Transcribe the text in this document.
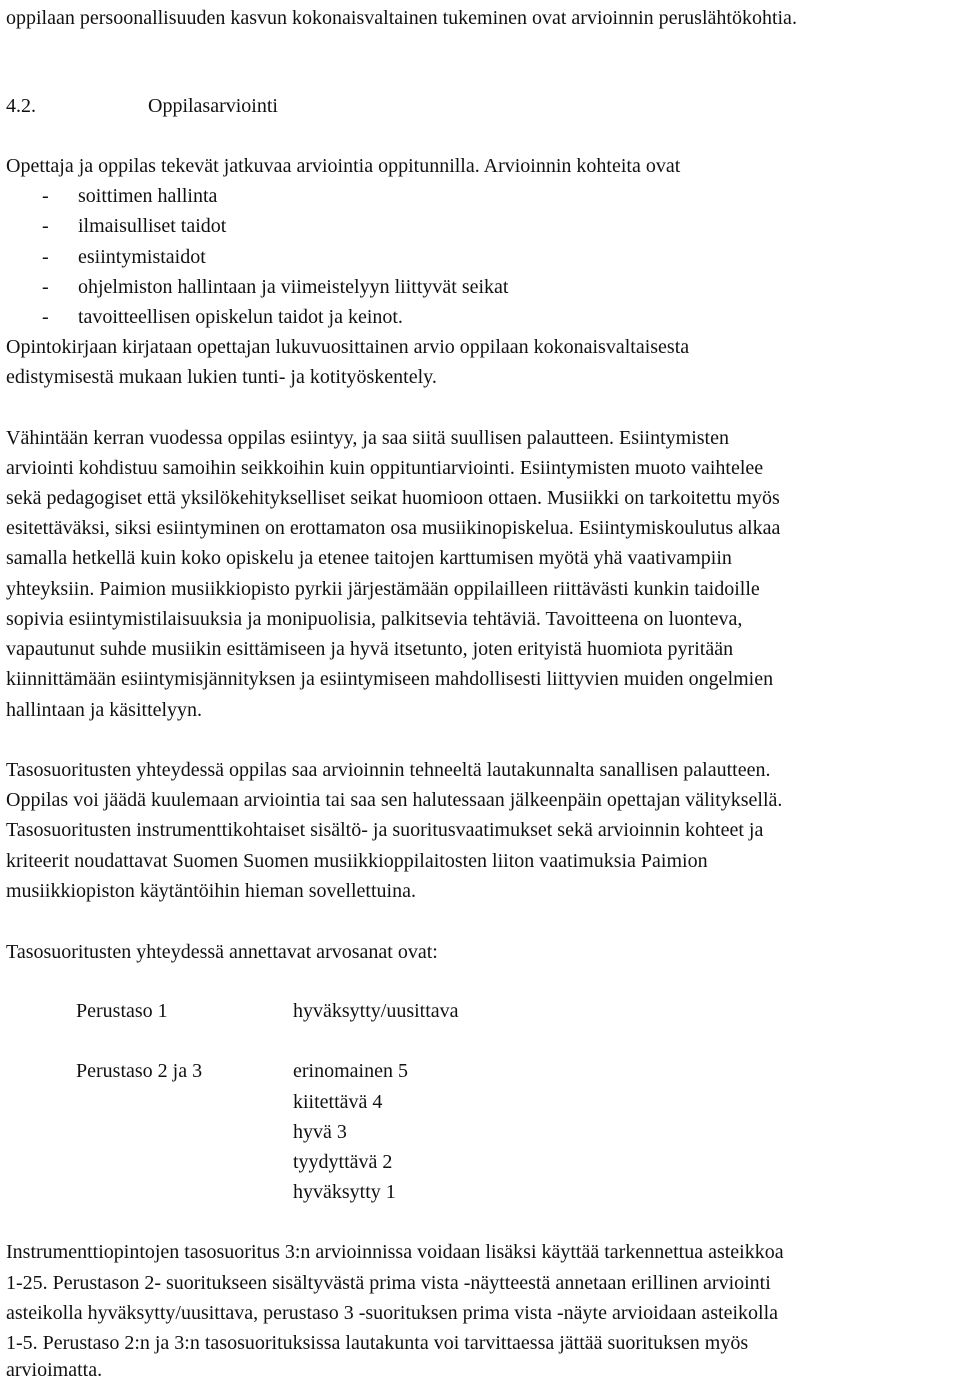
oppilaan persoonallisuuden kasvun kokonaisvaltainen tukeminen ovat arvioinnin peruslähtökohtia.
4.2.	Oppilasarviointi
Opettaja ja oppilas tekevät jatkuvaa arviointia oppitunnilla. Arvioinnin kohteita ovat
- soittimen hallinta
- ilmaisulliset taidot
- esiintymistaidot
- ohjelmiston hallintaan ja viimeistelyyn liittyvät seikat
- tavoitteellisen opiskelun taidot ja keinot.
Opintokirjaan kirjataan opettajan lukuvuosittainen arvio oppilaan kokonaisvaltaisesta
edistymisestä mukaan lukien tunti- ja kotityöskentely.
Vähintään kerran vuodessa oppilas esiintyy, ja saa siitä suullisen palautteen. Esiintymisten
arviointi kohdistuu samoihin seikkoihin kuin oppituntiarviointi. Esiintymisten muoto vaihtelee
sekä pedagogiset että yksilökehitykselliset seikat huomioon ottaen. Musiikki on tarkoitettu myös
esitettäväksi, siksi esiintyminen on erottamaton osa musiikinopiskelua. Esiintymiskoulutus alkaa
samalla hetkellä kuin koko opiskelu ja etenee taitojen karttumisen myötä yhä vaativampiin
yhteyksiin. Paimion musiikkiopisto pyrkii järjestämään oppilailleen riittävästi kunkin taidoille
sopivia esiintymistilaisuuksia ja monipuolisia, palkitsevia tehtäviä. Tavoitteena on luonteva,
vapautunut suhde musiikin esittämiseen ja hyvä itsetunto, joten erityistä huomiota pyritään
kiinnittämään esiintymisjännityksen ja esiintymiseen mahdollisesti liittyvien muiden ongelmien
hallintaan ja käsittelyyn.
Tasosuoritusten yhteydessä oppilas saa arvioinnin tehneeltä lautakunnalta sanallisen palautteen.
Oppilas voi jäädä kuulemaan arviointia tai saa sen halutessaan jälkeenpäin opettajan välityksellä.
Tasosuoritusten instrumenttikohtaiset sisältö- ja suoritusvaatimukset sekä arvioinnin kohteet ja
kriteerit noudattavat Suomen Suomen musiikkioppilaitosten liiton vaatimuksia Paimion
musiikkiopiston käytäntöihin hieman sovellettuina.
Tasosuoritusten yhteydessä annettavat arvosanat ovat:
Perustaso 1	hyväksytty/uusittava
Perustaso 2 ja 3	erinomainen 5
kiitettävä 4
hyvä 3
tyydyttävä 2
hyväksytty 1
Instrumenttiopintojen tasosuoritus 3:n arvioinnissa voidaan lisäksi käyttää tarkennettua asteikkoa
1-25. Perustason 2- suoritukseen sisältyvästä prima vista -näytteestä annetaan erillinen arviointi
asteikolla hyväksytty/uusittava, perustaso 3 -suorituksen prima vista -näyte arvioidaan asteikolla
1-5. Perustaso 2:n ja 3:n tasosuorituksissa lautakunta voi tarvittaessa jättää suorituksen myös
arvioimatta.
